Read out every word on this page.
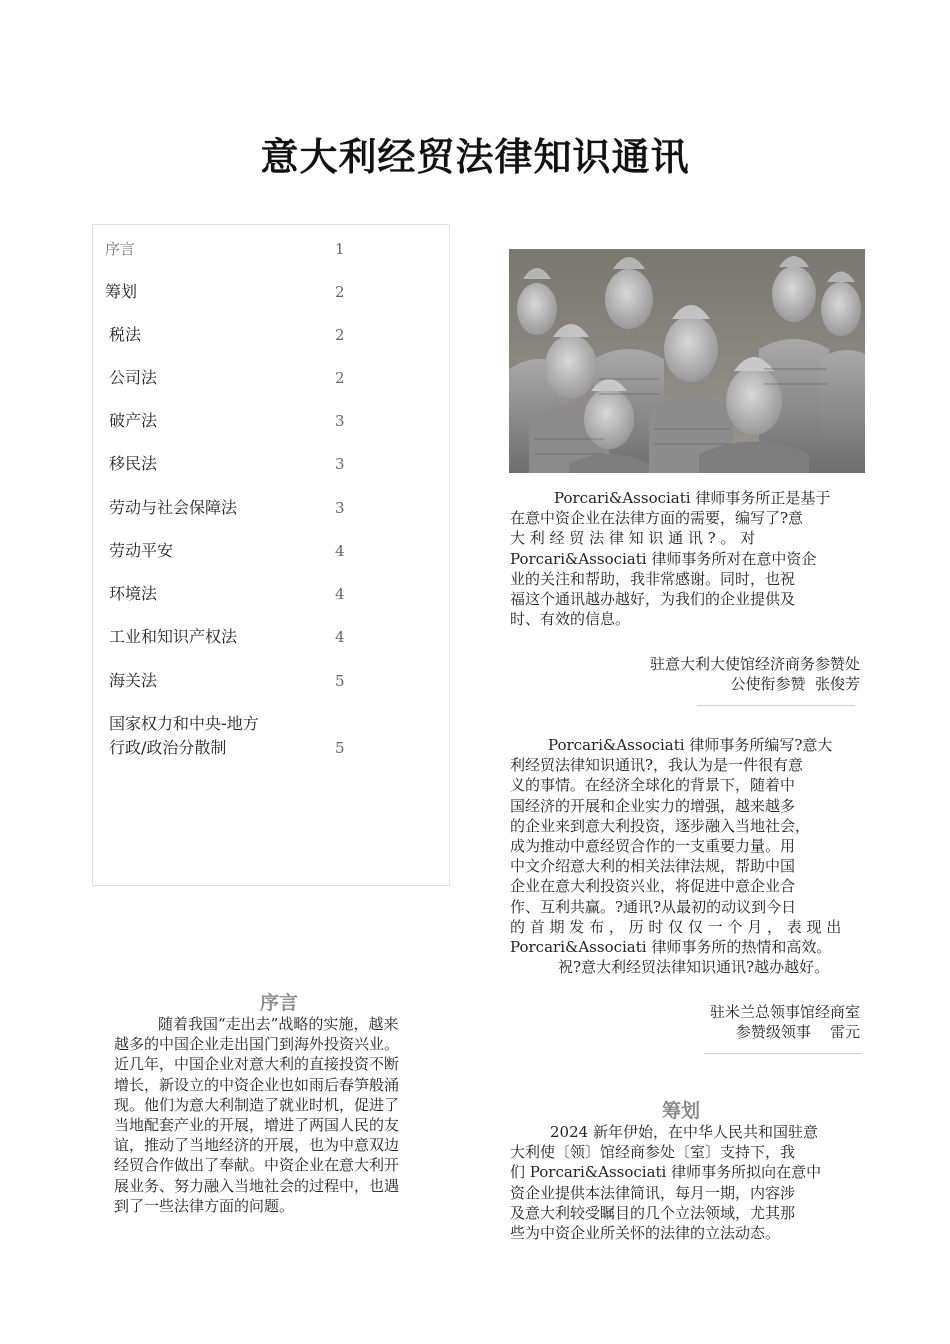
意大利经贸法律知识通讯
序言	1
筹划	2
税法	2
公司法	2
破产法	3
移民法	3
劳动与社会保障法	3
劳动平安	4
环境法	4
工业和知识产权法	4
海关法	5
国家权力和中央-地方
行政/政治分散制	5
Porcari&Associati 律师事务所正是基于
在意中资企业在法律方面的需要，编写了?意
大 利 经 贸 法 律 知 识 通 讯 ? 。 对
Porcari&Associati 律师事务所对在意中资企
业的关注和帮助，我非常感谢。同时，也祝
福这个通讯越办越好，为我们的企业提供及
时、有效的信息。
驻意大利大使馆经济商务参赞处
公使衔参赞  张俊芳
Porcari&Associati 律师事务所编写?意大
利经贸法律知识通讯?，我认为是一件很有意
义的事情。在经济全球化的背景下，随着中
国经济的开展和企业实力的增强，越来越多
的企业来到意大利投资，逐步融入当地社会，
成为推动中意经贸合作的一支重要力量。用
中文介绍意大利的相关法律法规，帮助中国
企业在意大利投资兴业，将促进中意企业合
作、互利共赢。?通讯?从最初的动议到今日
的 首 期 发 布 ， 历 时 仅 仅 一 个 月 ， 表 现 出
Porcari&Associati 律师事务所的热情和高效。
祝?意大利经贸法律知识通讯?越办越好。
驻米兰总领事馆经商室
参赞级领事    雷元
序言
随着我国“走出去”战略的实施，越来
越多的中国企业走出国门到海外投资兴业。
近几年，中国企业对意大利的直接投资不断
增长，新设立的中资企业也如雨后春笋般涌
现。他们为意大利制造了就业时机，促进了
当地配套产业的开展，增进了两国人民的友
谊，推动了当地经济的开展，也为中意双边
经贸合作做出了奉献。中资企业在意大利开
展业务、努力融入当地社会的过程中，也遇
到了一些法律方面的问题。
筹划
2024 新年伊始，在中华人民共和国驻意
大利使〔领〕馆经商参处〔室〕支持下，我
们 Porcari&Associati 律师事务所拟向在意中
资企业提供本法律简讯，每月一期，内容涉
及意大利较受瞩目的几个立法领域，尤其那
些为中资企业所关怀的法律的立法动态。
